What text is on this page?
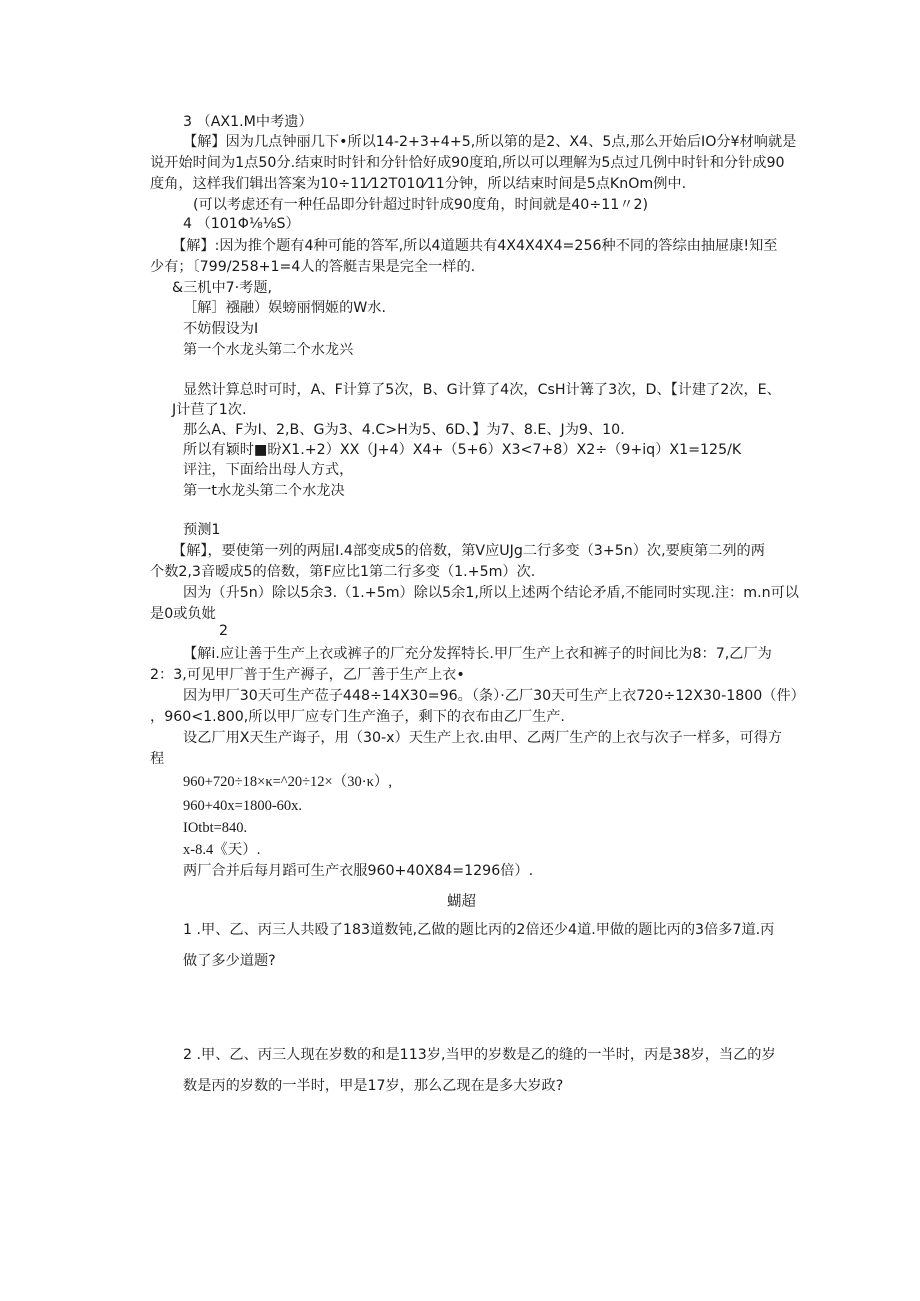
3 （AX1.M中考遗）
【解】因为几点钟丽几下•所以14-2+3+4+5,所以第的是2、X4、5点,那么开始后IO分¥材响就是
说开始时间为1点50分.结束时时针和分针恰好成90度珀,所以可以理解为5点过几例中时针和分针成90
度角，这样我们辑出答案为10÷11⁄12T010⁄11分钟，所以结束时间是5点KnOm例中.
(可以考虑还有一种任品即分针超过时针成90度角，时间就是40÷11〃2)
4 （101Φ⅛⅛S）
【解】:因为推个题有4种可能的答军,所以4道题共有4X4X4X4=256种不同的答综由抽屉康!知至
少有；〔799/258+1=4人的答艇吉果是完全一样的.
&三机中7·考题,
［解］襁融）娱螃丽惘姬的W水.
不妨假设为I
第一个水龙头第二个水龙兴
显然计算总时可时，A、F计算了5次，B、G计算了4次，CsH计篝了3次，D、【计建了2次，E、
J计苣了1次.
那么A、F为I、2,B、G为3、4.C>H为5、6D、】为7、8.E、J为9、10.
所以有颖时■盼X1.+2）XX（J+4）X4+（5+6）X3<7+8）X2÷（9+iq）X1=125/K
评注，下面给出母人方式，
第一t水龙头第二个水龙决
预测1
【解】，要使第一列的两屈I.4部变成5的倍数，第V应UJg二行多变（3+5n）次,要庾第二列的两
个数2,3音暧成5的倍数，第F应比1第二行多变（1.+5m）次.
因为（升5n）除以5余3.（1.+5m）除以5余1,所以上述两个结论矛盾,不能同时实现.注：m.n可以
是0或负妣
2
【解i.应让善于生产上衣或裤子的厂充分发挥特长.甲厂生产上衣和裤子的时间比为8：7,乙厂为
2：3,可见甲厂普于生产褥子，乙厂善于生产上衣•
因为甲厂30天可生产莅子448÷14X30=96。（条）·乙厂30天可生产上衣720÷12X30-1800（件）
，960<1.800,所以甲厂应专门生产渔子，剩下的衣布由乙厂生产.
设乙厂用X天生产诲子，用（30-x）天生产上衣.由甲、乙两厂生产的上衣与次子一样多，可得方
程
960+720÷18×κ=^20÷12×（30·κ）,
960+40x=1800-60x.
IOtbt=840.
x-8.4《天）.
两厂合并后每月蹈可生产衣服960+40X84=1296倍）.
蝴超
1 .甲、乙、丙三人共殴了183道数钝,乙做的题比丙的2倍还少4道.甲做的题比丙的3倍多7道.丙
做了多少道题?
2 .甲、乙、丙三人现在岁数的和是113岁,当甲的岁数是乙的缝的一半时，丙是38岁，当乙的岁
数是丙的岁数的一半时，甲是17岁，那么乙现在是多大岁政?
